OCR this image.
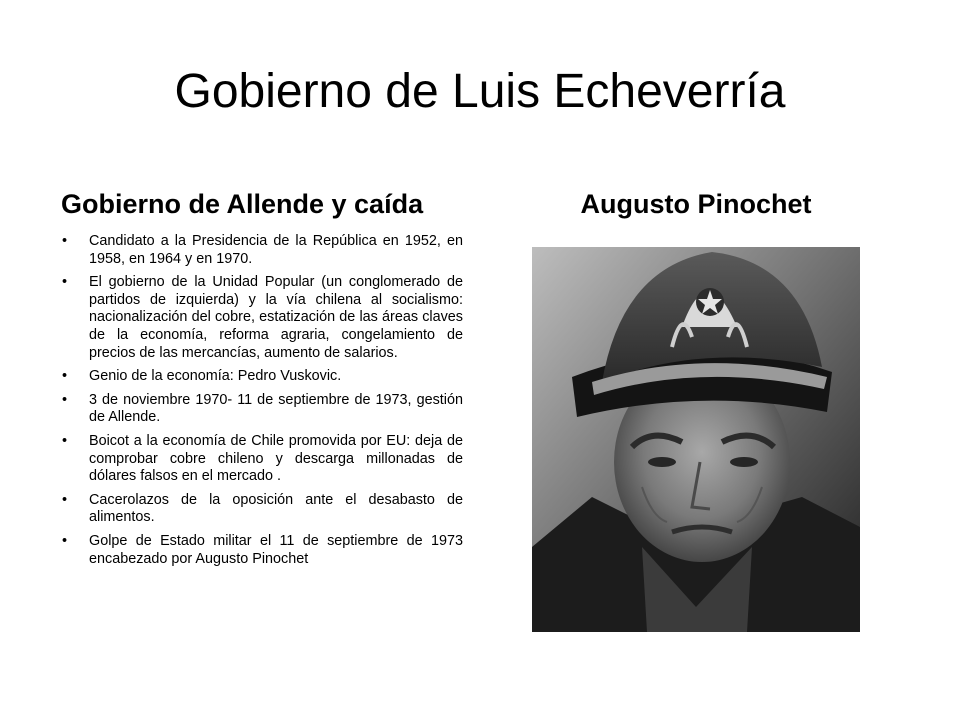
Gobierno de Luis Echeverría
Gobierno de Allende y caída	Augusto Pinochet
•	Candidato a la Presidencia de la República en 1952, en 1958, en 1964 y en 1970.
•	El gobierno de la Unidad Popular (un conglomerado de partidos de izquierda) y la vía chilena al socialismo: nacionalización del cobre, estatización de las áreas claves de la economía, reforma agraria, congelamiento de precios de las mercancías, aumento de salarios.
•	Genio de la economía: Pedro Vuskovic.
•	3 de noviembre 1970- 11 de septiembre de 1973, gestión de Allende.
•	Boicot a la economía de Chile promovida por EU: deja de comprobar cobre chileno y descarga millonadas de dólares falsos en el mercado .
•	Cacerolazos de la oposición ante el desabasto de alimentos.
•	Golpe de Estado militar el 11 de septiembre de 1973 encabezado por Augusto Pinochet
